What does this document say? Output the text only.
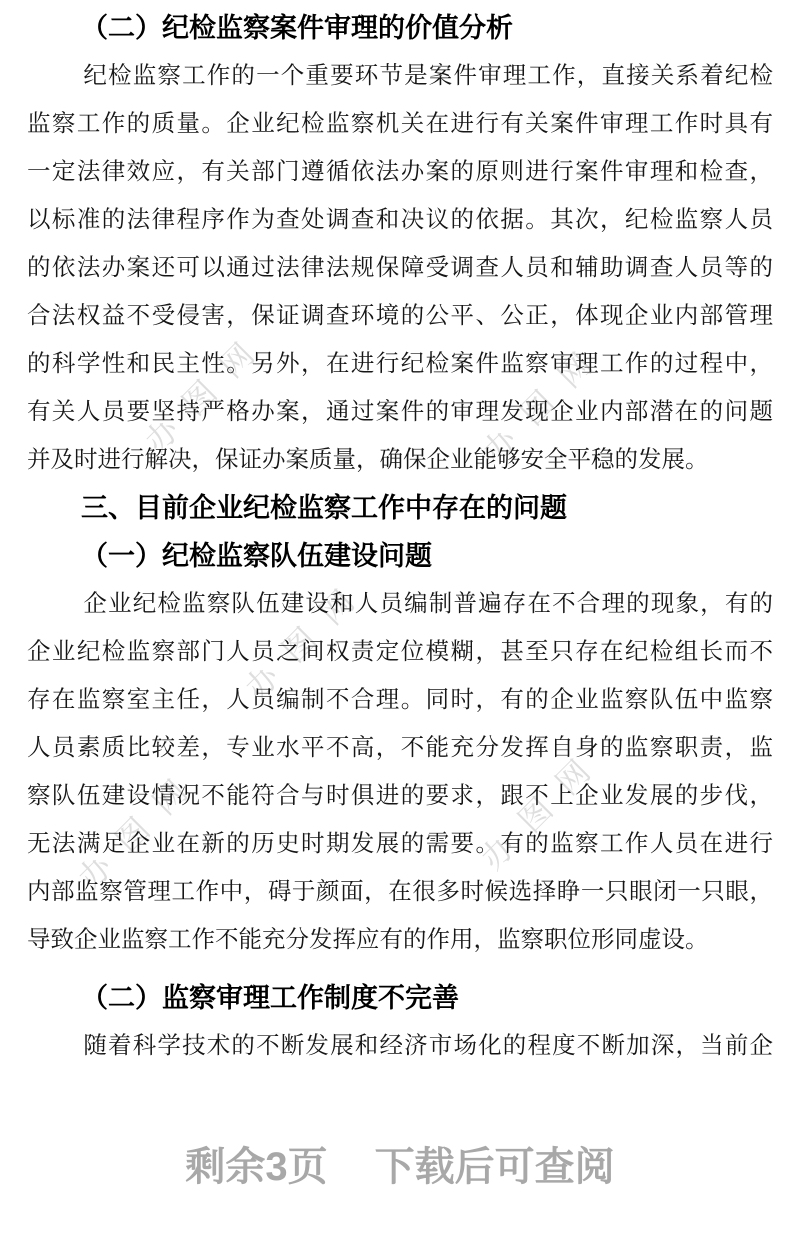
办图网	办图网
办图网
办图网	办图网
（二）纪检监察案件审理的价值分析
纪检监察工作的一个重要环节是案件审理工作，直接关系着纪检
监察工作的质量。企业纪检监察机关在进行有关案件审理工作时具有
一定法律效应，有关部门遵循依法办案的原则进行案件审理和检查，
以标准的法律程序作为查处调查和决议的依据。其次，纪检监察人员
的依法办案还可以通过法律法规保障受调查人员和辅助调查人员等的
合法权益不受侵害，保证调查环境的公平、公正，体现企业内部管理
的科学性和民主性。另外，在进行纪检案件监察审理工作的过程中，
有关人员要坚持严格办案，通过案件的审理发现企业内部潜在的问题
并及时进行解决，保证办案质量，确保企业能够安全平稳的发展。
三、目前企业纪检监察工作中存在的问题
（一）纪检监察队伍建设问题
企业纪检监察队伍建设和人员编制普遍存在不合理的现象，有的
企业纪检监察部门人员之间权责定位模糊，甚至只存在纪检组长而不
存在监察室主任，人员编制不合理。同时，有的企业监察队伍中监察
人员素质比较差，专业水平不高，不能充分发挥自身的监察职责，监
察队伍建设情况不能符合与时俱进的要求，跟不上企业发展的步伐，
无法满足企业在新的历史时期发展的需要。有的监察工作人员在进行
内部监察管理工作中，碍于颜面，在很多时候选择睁一只眼闭一只眼，
导致企业监察工作不能充分发挥应有的作用，监察职位形同虚设。
（二）监察审理工作制度不完善
随着科学技术的不断发展和经济市场化的程度不断加深，当前企
剩余3页 下载后可查阅
